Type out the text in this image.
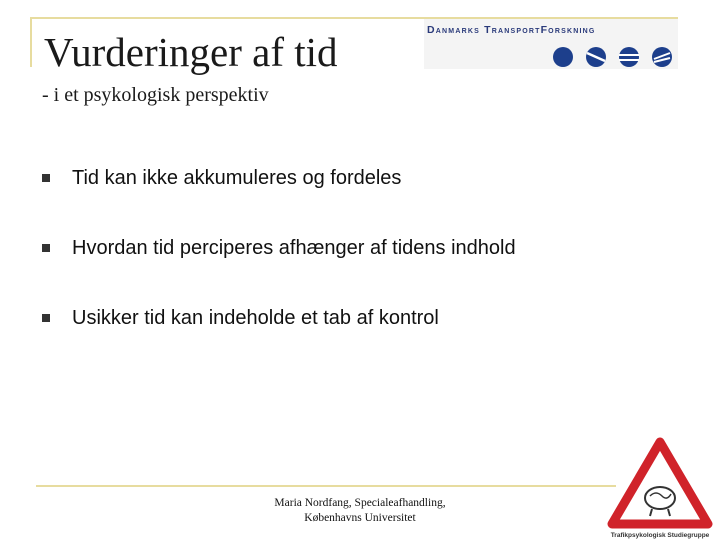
Vurderinger af tid
- i et psykologisk perspektiv
Danmarks TransportForskning
Tid kan ikke akkumuleres og fordeles
Hvordan tid perciperes afhænger af tidens indhold
Usikker tid kan indeholde et tab af kontrol
Maria Nordfang, Specialeafhandling,
Københavns Universitet
Trafikpsykologisk Studiegruppe
